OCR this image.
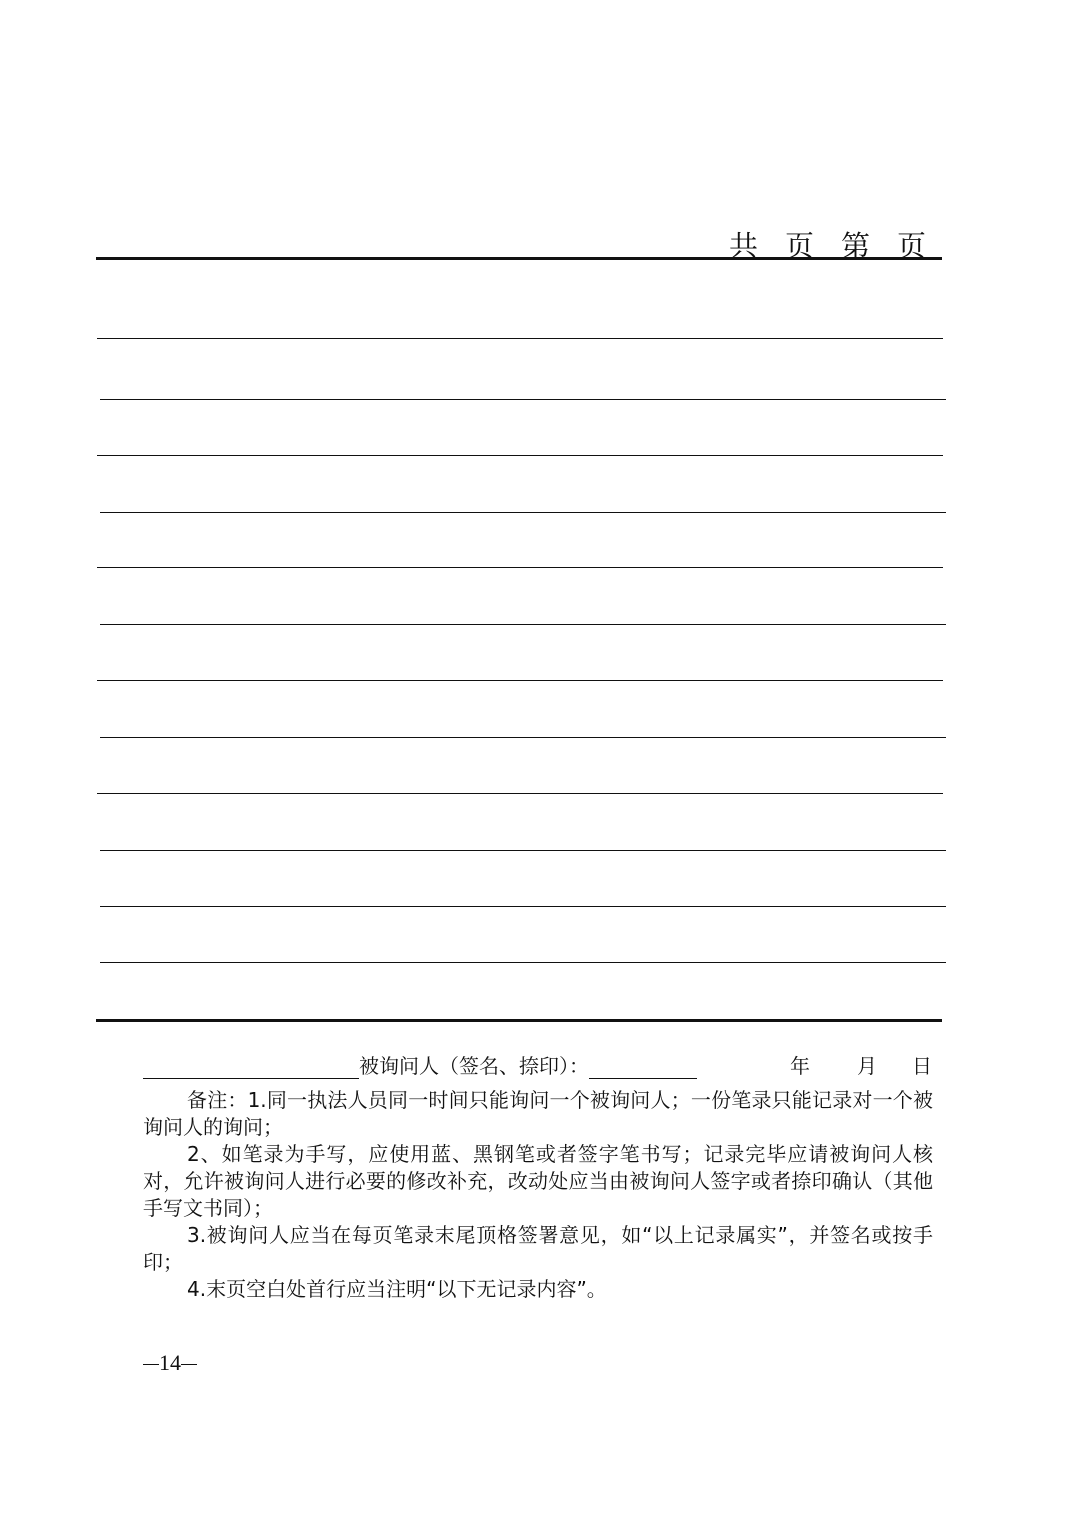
共 页 第 页
被询问人（签名、捺印）：	年 月 日

备注：1.同一执法人员同一时间只能询问一个被询问人；一份笔录只能记录对一个被询问人的询问；

2、如笔录为手写，应使用蓝、黑钢笔或者签字笔书写；记录完毕应请被询问人核对，允许被询问人进行必要的修改补充，改动处应当由被询问人签字或者捺印确认（其他手写文书同）；

3.被询问人应当在每页笔录末尾顶格签署意见，如“以上记录属实”，并签名或按手印；

4.末页空白处首行应当注明“以下无记录内容”。

14
